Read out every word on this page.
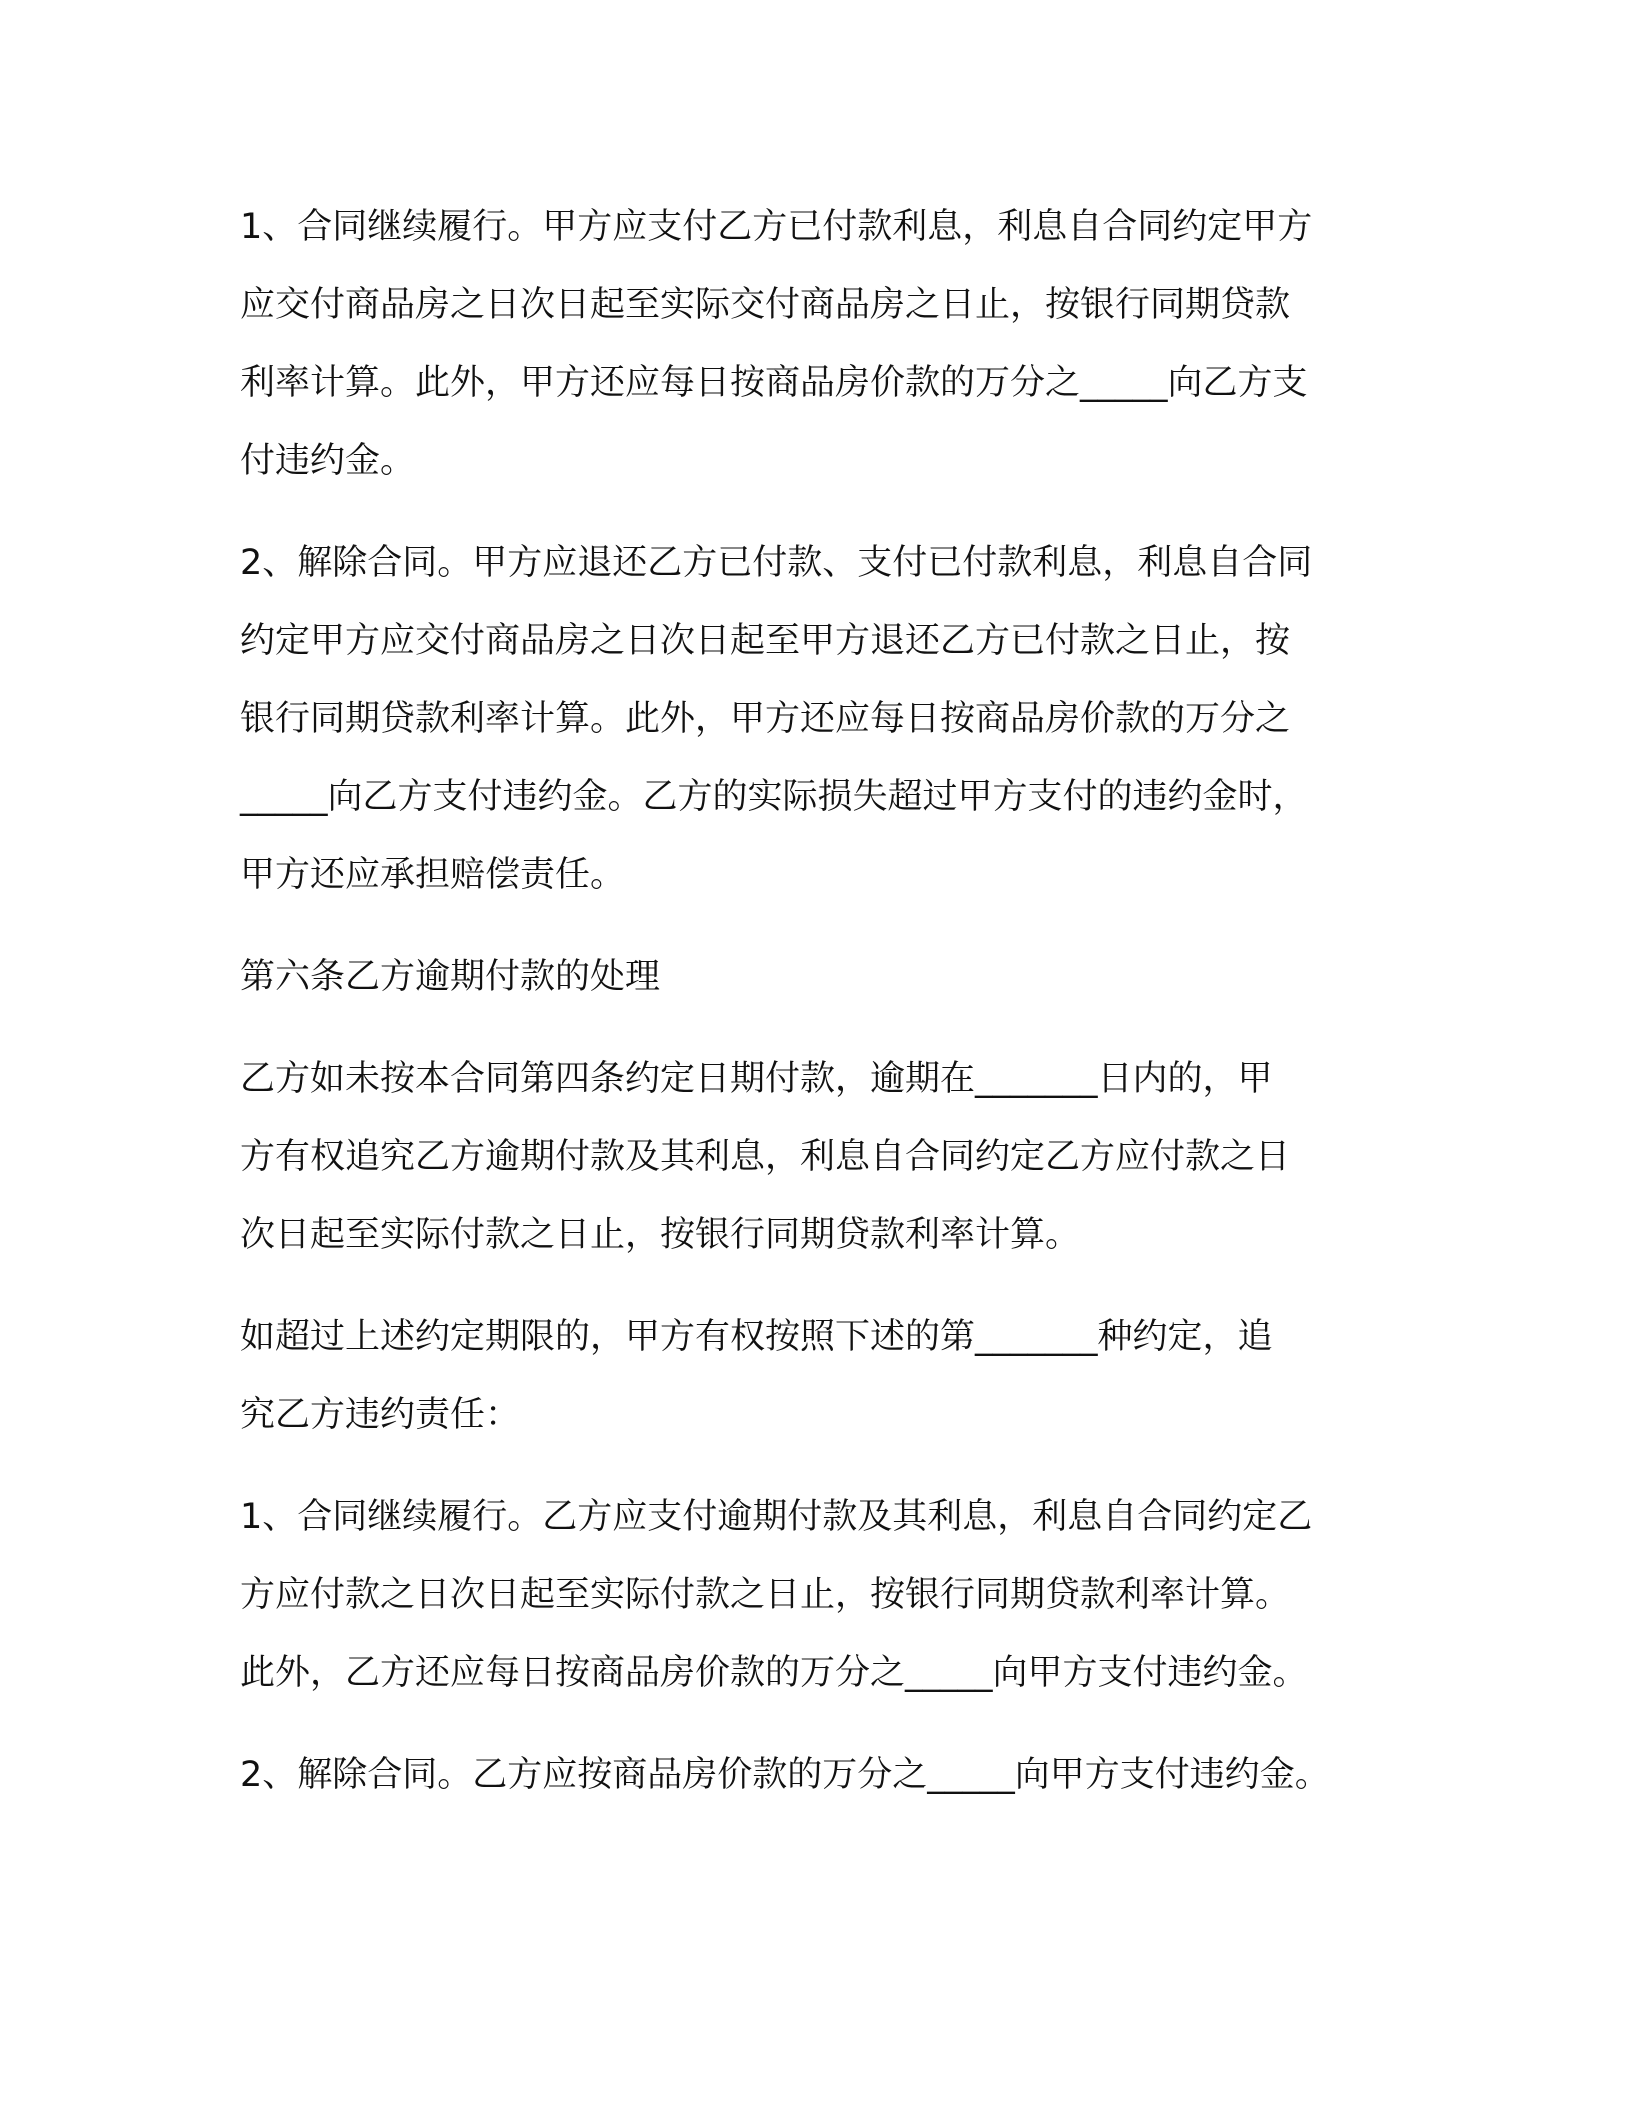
1、合同继续履行。甲方应支付乙方已付款利息，利息自合同约定甲方
应交付商品房之日次日起至实际交付商品房之日止，按银行同期贷款
利率计算。此外，甲方还应每日按商品房价款的万分之_____向乙方支
付违约金。
2、解除合同。甲方应退还乙方已付款、支付已付款利息，利息自合同
约定甲方应交付商品房之日次日起至甲方退还乙方已付款之日止，按
银行同期贷款利率计算。此外，甲方还应每日按商品房价款的万分之
_____向乙方支付违约金。乙方的实际损失超过甲方支付的违约金时，
甲方还应承担赔偿责任。
第六条乙方逾期付款的处理
乙方如未按本合同第四条约定日期付款，逾期在_______日内的，甲
方有权追究乙方逾期付款及其利息，利息自合同约定乙方应付款之日
次日起至实际付款之日止，按银行同期贷款利率计算。
如超过上述约定期限的，甲方有权按照下述的第_______种约定，追
究乙方违约责任：
1、合同继续履行。乙方应支付逾期付款及其利息，利息自合同约定乙
方应付款之日次日起至实际付款之日止，按银行同期贷款利率计算。
此外，乙方还应每日按商品房价款的万分之_____向甲方支付违约金。
2、解除合同。乙方应按商品房价款的万分之_____向甲方支付违约金。
